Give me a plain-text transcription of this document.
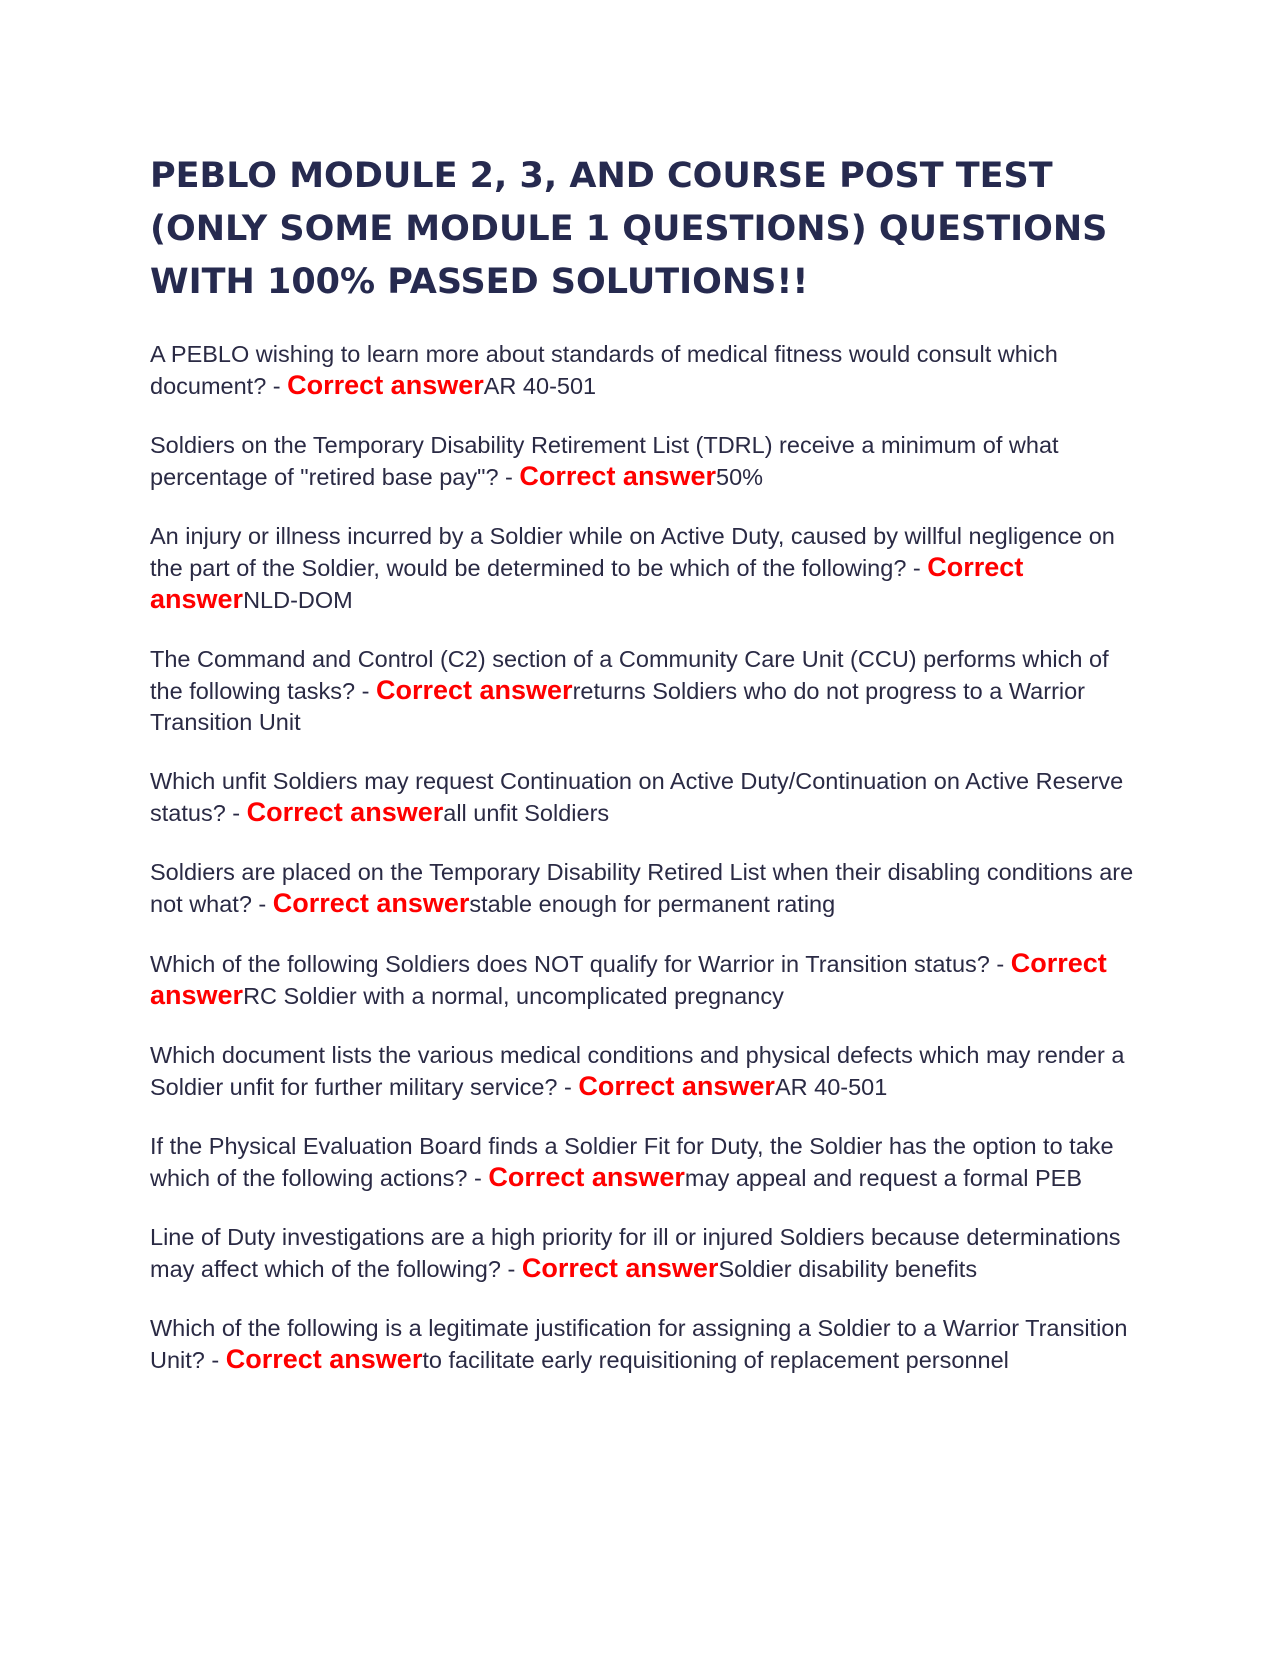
PEBLO MODULE 2, 3, AND COURSE POST TEST (ONLY SOME MODULE 1 QUESTIONS) QUESTIONS WITH 100% PASSED SOLUTIONS!!

A PEBLO wishing to learn more about standards of medical fitness would consult which document? - Correct answerAR 40-501

Soldiers on the Temporary Disability Retirement List (TDRL) receive a minimum of what percentage of "retired base pay"? - Correct answer50%

An injury or illness incurred by a Soldier while on Active Duty, caused by willful negligence on the part of the Soldier, would be determined to be which of the following? - Correct answerNLD-DOM

The Command and Control (C2) section of a Community Care Unit (CCU) performs which of the following tasks? - Correct answerreturns Soldiers who do not progress to a Warrior Transition Unit

Which unfit Soldiers may request Continuation on Active Duty/Continuation on Active Reserve status? - Correct answerall unfit Soldiers

Soldiers are placed on the Temporary Disability Retired List when their disabling conditions are not what? - Correct answerstable enough for permanent rating

Which of the following Soldiers does NOT qualify for Warrior in Transition status? - Correct answerRC Soldier with a normal, uncomplicated pregnancy

Which document lists the various medical conditions and physical defects which may render a Soldier unfit for further military service? - Correct answerAR 40-501

If the Physical Evaluation Board finds a Soldier Fit for Duty, the Soldier has the option to take which of the following actions? - Correct answermay appeal and request a formal PEB

Line of Duty investigations are a high priority for ill or injured Soldiers because determinations may affect which of the following? - Correct answerSoldier disability benefits

Which of the following is a legitimate justification for assigning a Soldier to a Warrior Transition Unit? - Correct answerto facilitate early requisitioning of replacement personnel
